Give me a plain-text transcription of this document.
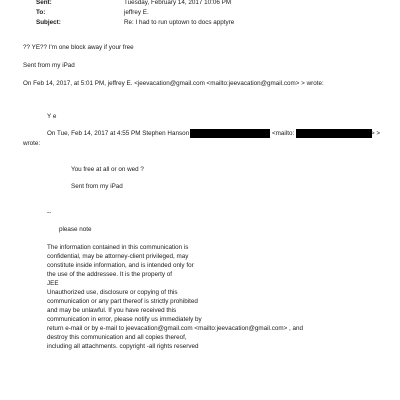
Sent:	Tuesday, February 14, 2017 10:06 PM
To:	jeffrey E.
Subject:	Re: I had to run uptown to docs apptyre
?? YE?? I'm one block away if your free
Sent from my iPad
On Feb 14, 2017, at 5:01 PM, jeffrey E. <jeevacation@gmail.com <mailto:jeevacation@gmail.com> > wrote:
Y e
On Tue, Feb 14, 2017 at 4:55 PM Stephen Hanson	<mailto:	> >
wrote:
You free at all or on wed ?
Sent from my iPad
--
please note
The information contained in this communication is
confidential, may be attorney-client privileged, may
constitute inside information, and is intended only for
the use of the addressee. It is the property of
JEE
Unauthorized use, disclosure or copying of this
communication or any part thereof is strictly prohibited
and may be unlawful. If you have received this
communication in error, please notify us immediately by
return e-mail or by e-mail to jeevacation@gmail.com <mailto:jeevacation@gmail.com> , and
destroy this communication and all copies thereof,
including all attachments. copyright -all rights reserved
